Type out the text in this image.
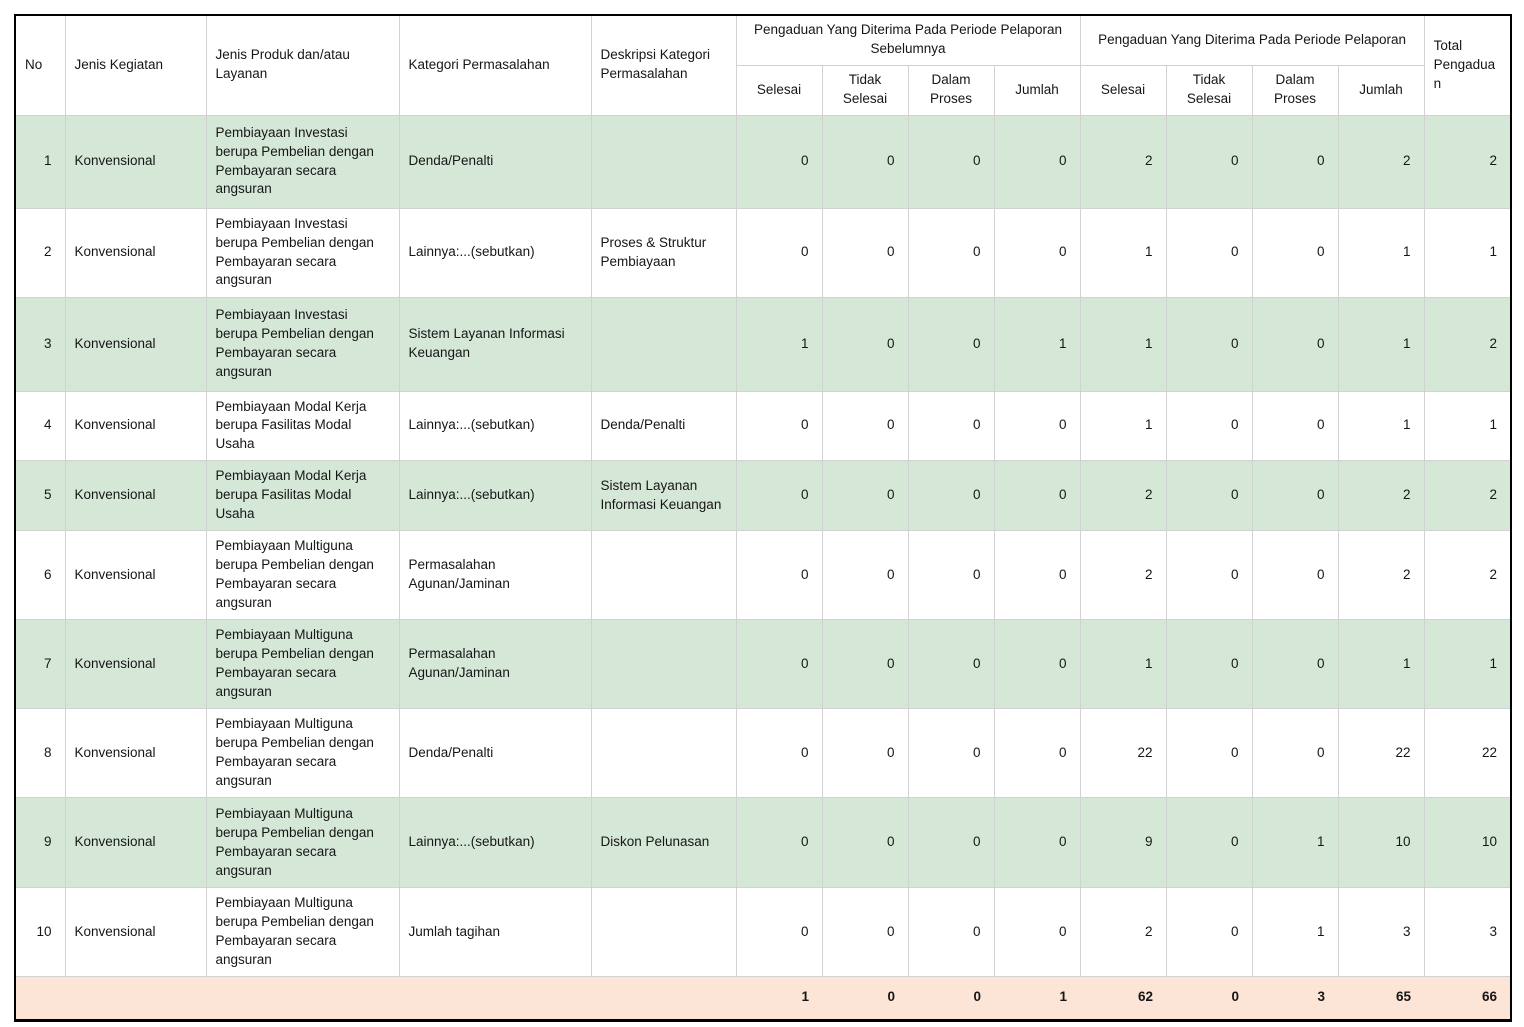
No	Jenis Kegiatan	Jenis Produk dan/atau Layanan	Kategori Permasalahan	Deskripsi Kategori Permasalahan	Pengaduan Yang Diterima Pada Periode Pelaporan Sebelumnya				Pengaduan Yang Diterima Pada Periode Pelaporan				Total Pengaduan
					Selesai	Tidak Selesai	Dalam Proses	Jumlah	Selesai	Tidak Selesai	Dalam Proses	Jumlah	
1	Konvensional	Pembiayaan Investasi berupa Pembelian dengan Pembayaran secara angsuran	Denda/Penalti		0	0	0	0	2	0	0	2	2
2	Konvensional	Pembiayaan Investasi berupa Pembelian dengan Pembayaran secara angsuran	Lainnya:...(sebutkan)	Proses & Struktur Pembiayaan	0	0	0	0	1	0	0	1	1
3	Konvensional	Pembiayaan Investasi berupa Pembelian dengan Pembayaran secara angsuran	Sistem Layanan Informasi Keuangan		1	0	0	1	1	0	0	1	2
4	Konvensional	Pembiayaan Modal Kerja berupa Fasilitas Modal Usaha	Lainnya:...(sebutkan)	Denda/Penalti	0	0	0	0	1	0	0	1	1
5	Konvensional	Pembiayaan Modal Kerja berupa Fasilitas Modal Usaha	Lainnya:...(sebutkan)	Sistem Layanan Informasi Keuangan	0	0	0	0	2	0	0	2	2
6	Konvensional	Pembiayaan Multiguna berupa Pembelian dengan Pembayaran secara angsuran	Permasalahan Agunan/Jaminan		0	0	0	0	2	0	0	2	2
7	Konvensional	Pembiayaan Multiguna berupa Pembelian dengan Pembayaran secara angsuran	Permasalahan Agunan/Jaminan		0	0	0	0	1	0	0	1	1
8	Konvensional	Pembiayaan Multiguna berupa Pembelian dengan Pembayaran secara angsuran	Denda/Penalti		0	0	0	0	22	0	0	22	22
9	Konvensional	Pembiayaan Multiguna berupa Pembelian dengan Pembayaran secara angsuran	Lainnya:...(sebutkan)	Diskon Pelunasan	0	0	0	0	9	0	1	10	10
10	Konvensional	Pembiayaan Multiguna berupa Pembelian dengan Pembayaran secara angsuran	Jumlah tagihan		0	0	0	0	2	0	1	3	3
					1	0	0	1	62	0	3	65	66
